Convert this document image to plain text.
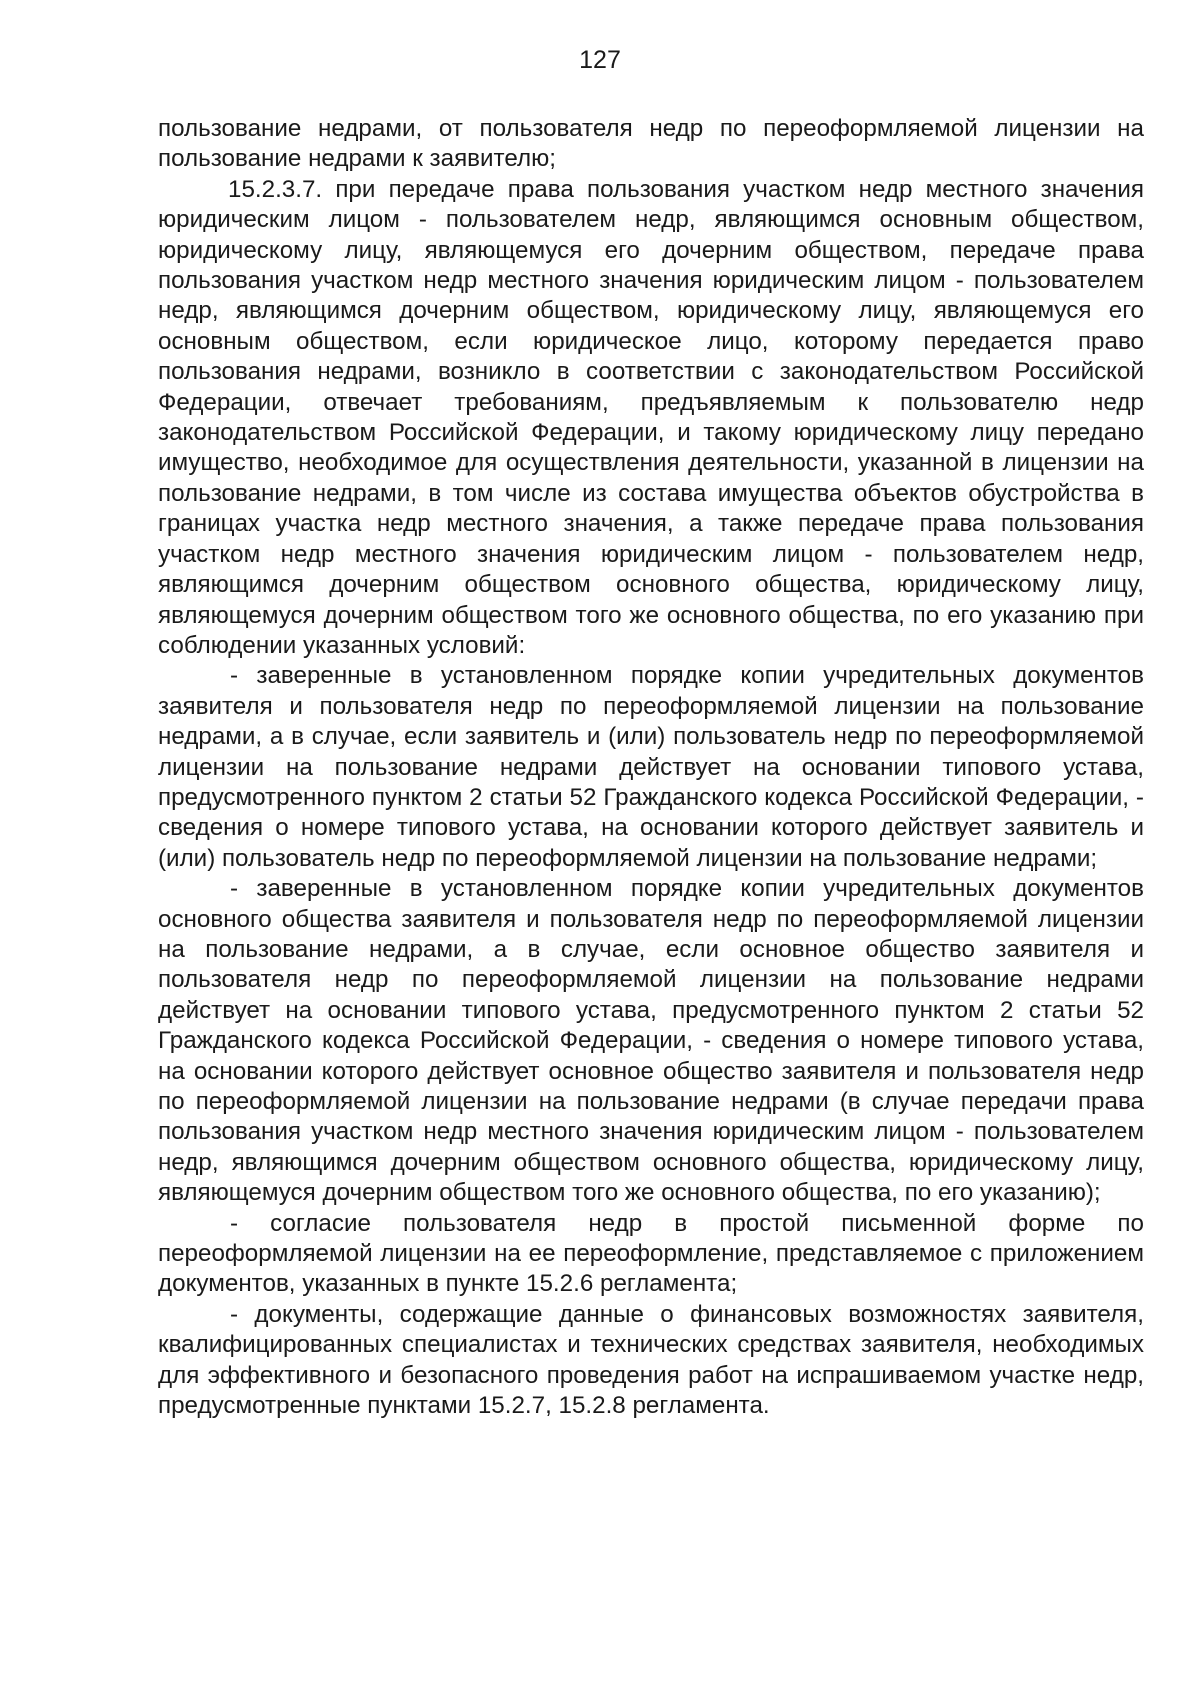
127

пользование недрами, от пользователя недр по переоформляемой лицензии на пользование недрами к заявителю;

15.2.3.7. при передаче права пользования участком недр местного значения юридическим лицом - пользователем недр, являющимся основным обществом, юридическому лицу, являющемуся его дочерним обществом, передаче права пользования участком недр местного значения юридическим лицом - пользователем недр, являющимся дочерним обществом, юридическому лицу, являющемуся его основным обществом, если юридическое лицо, которому передается право пользования недрами, возникло в соответствии с законодательством Российской Федерации, отвечает требованиям, предъявляемым к пользователю недр законодательством Российской Федерации, и такому юридическому лицу передано имущество, необходимое для осуществления деятельности, указанной в лицензии на пользование недрами, в том числе из состава имущества объектов обустройства в границах участка недр местного значения, а также передаче права пользования участком недр местного значения юридическим лицом - пользователем недр, являющимся дочерним обществом основного общества, юридическому лицу, являющемуся дочерним обществом того же основного общества, по его указанию при соблюдении указанных условий:

- заверенные в установленном порядке копии учредительных документов заявителя и пользователя недр по переоформляемой лицензии на пользование недрами, а в случае, если заявитель и (или) пользователь недр по переоформляемой лицензии на пользование недрами действует на основании типового устава, предусмотренного пунктом 2 статьи 52 Гражданского кодекса Российской Федерации, - сведения о номере типового устава, на основании которого действует заявитель и (или) пользователь недр по переоформляемой лицензии на пользование недрами;

- заверенные в установленном порядке копии учредительных документов основного общества заявителя и пользователя недр по переоформляемой лицензии на пользование недрами, а в случае, если основное общество заявителя и пользователя недр по переоформляемой лицензии на пользование недрами действует на основании типового устава, предусмотренного пунктом 2 статьи 52 Гражданского кодекса Российской Федерации, - сведения о номере типового устава, на основании которого действует основное общество заявителя и пользователя недр по переоформляемой лицензии на пользование недрами (в случае передачи права пользования участком недр местного значения юридическим лицом - пользователем недр, являющимся дочерним обществом основного общества, юридическому лицу, являющемуся дочерним обществом того же основного общества, по его указанию);

- согласие пользователя недр в простой письменной форме по переоформляемой лицензии на ее переоформление, представляемое с приложением документов, указанных в пункте 15.2.6 регламента;

- документы, содержащие данные о финансовых возможностях заявителя, квалифицированных специалистах и технических средствах заявителя, необходимых для эффективного и безопасного проведения работ на испрашиваемом участке недр, предусмотренные пунктами 15.2.7, 15.2.8 регламента.
